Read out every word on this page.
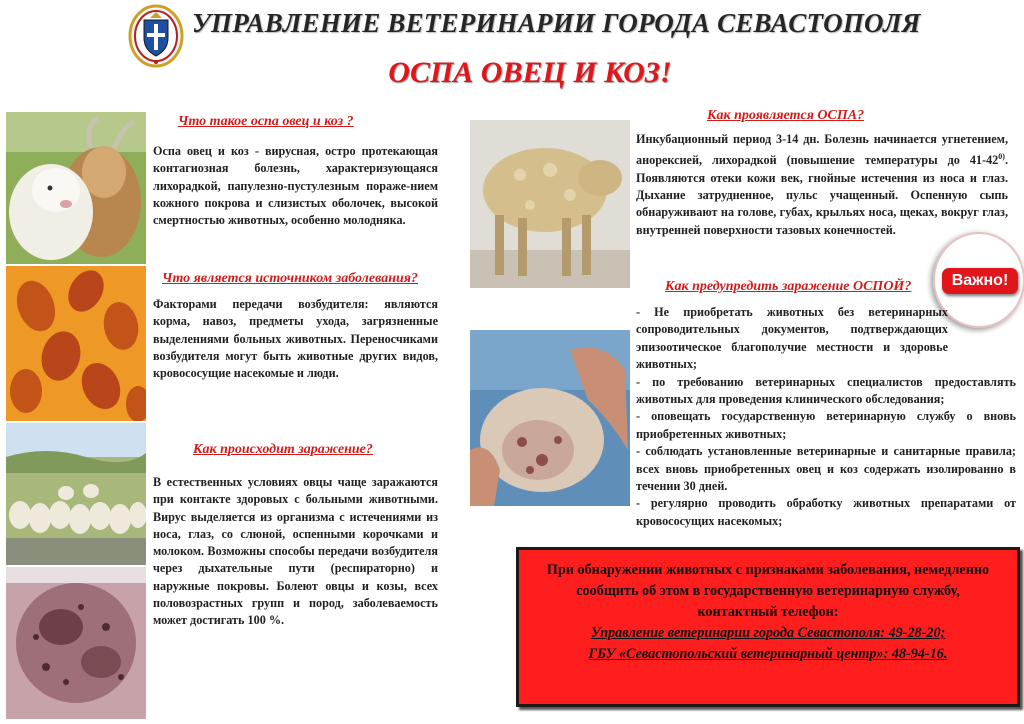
УПРАВЛЕНИЕ ВЕТЕРИНАРИИ ГОРОДА СЕВАСТОПОЛЯ
ОСПА ОВЕЦ И КОЗ!
Что такое оспа овец и коз ?
Оспа овец и коз - вирусная, остро протекающая контагиозная болезнь, характеризующаяся лихорадкой, папулезно-пустулезным пораже-нием кожного покрова и слизистых оболочек, высокой смертностью животных, особенно молодняка.
Что является источником заболевания?
Факторами передачи возбудителя: являются корма, навоз, предметы ухода, загрязненные выделениями больных животных. Переносчиками возбудителя могут быть животные других видов, кровососущие насекомые и люди.
Как происходит заражение?
В естественных условиях овцы чаще заражаются при контакте здоровых с больными животными. Вирус выделяется из организма с истечениями из носа, глаз, со слюной, оспенными корочками и молоком. Возможны способы передачи возбудителя через дыхательные пути (респираторно) и наружные покровы. Болеют овцы и козы, всех половозрастных групп и пород, заболеваемость может достигать 100 %.
Как проявляется ОСПА?
Инкубационный период 3-14 дн. Болезнь начинается угнетением, анорексией, лихорадкой (повышение температуры до 41-42$^{0)}$. Появляются отеки кожи век, гнойные истечения из носа и глаз. Дыхание затрудненное, пульс учащенный. Оспенную сыпь обнаруживают на голове, губах, крыльях носа, щеках, вокруг глаз, внутренней поверхности тазовых конечностей.
Как предупредить заражение ОСПОЙ?	Важно!
- Не приобретать животных без ветеринарных сопроводительных документов, подтверждающих эпизоотическое благополучие местности и здоровье животных;
- по требованию ветеринарных специалистов предоставлять животных для проведения клинического обследования;
- оповещать государственную ветеринарную службу о вновь приобретенных животных;
- соблюдать установленные ветеринарные и санитарные правила; всех вновь приобретенных овец и коз содержать изолированно в течении 30 дней.
- регулярно проводить обработку животных препаратами от кровососущих насекомых;
При обнаружении животных с признаками заболевания, немедленно
сообщить об этом в государственную ветеринарную службу,
контактный телефон:
Управление ветеринарии города Севастополя: 49-28-20;
ГБУ «Севастопольский ветеринарный центр»: 48-94-16.
